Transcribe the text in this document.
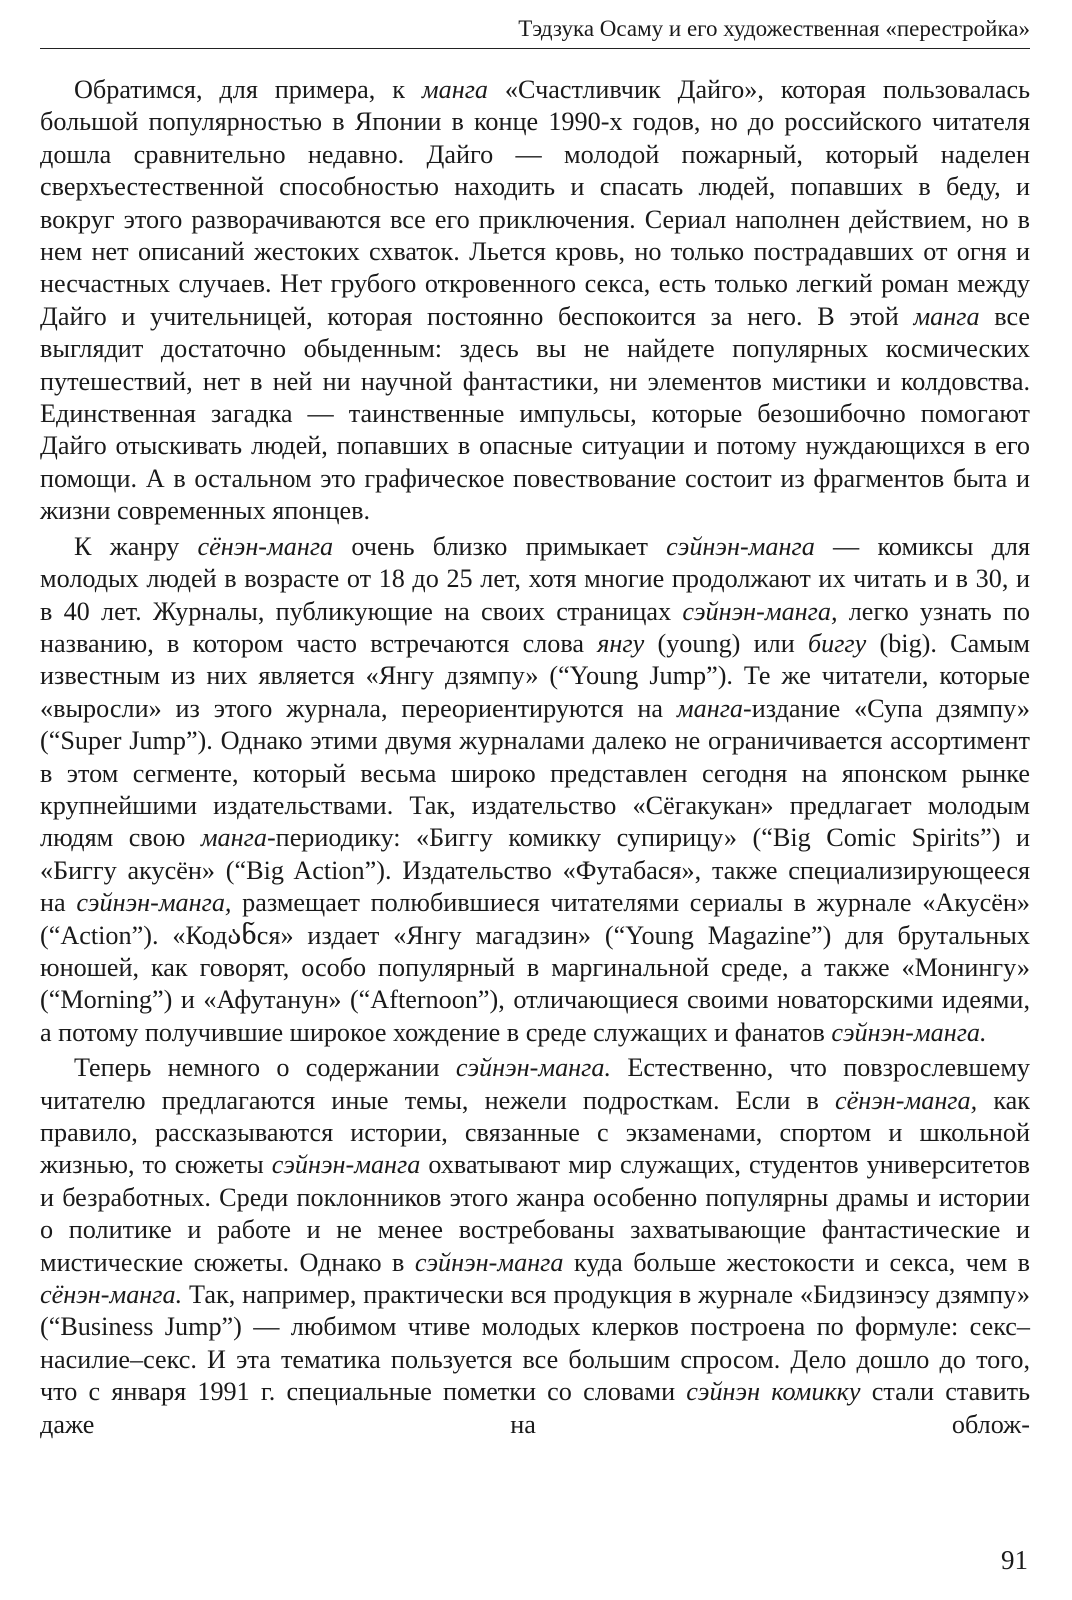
Тэдзука Осаму и его художественная «перестройка»

Обратимся, для примера, к манга «Счастливчик Дайго», которая пользовалась большой популярностью в Японии в конце 1990-х годов, но до российского читателя дошла сравнительно недавно. Дайго — молодой пожарный, который наделен сверхъестественной способностью находить и спасать людей, попавших в беду, и вокруг этого разворачиваются все его приключения. Сериал наполнен действием, но в нем нет описаний жестоких схваток. Льется кровь, но только пострадавших от огня и несчастных случаев. Нет грубого откровенного секса, есть только легкий роман между Дайго и учительницей, которая постоянно беспокоится за него. В этой манга все выглядит достаточно обыденным: здесь вы не найдете популярных космических путешествий, нет в ней ни научной фантастики, ни элементов мистики и колдовства. Единственная загадка — таинственные импульсы, которые безошибочно помогают Дайго отыскивать людей, попавших в опасные ситуации и потому нуждающихся в его помощи. А в остальном это графическое повествование состоит из фрагментов быта и жизни современных японцев.

К жанру сёнэн-манга очень близко примыкает сэйнэн-манга — комиксы для молодых людей в возрасте от 18 до 25 лет, хотя многие продолжают их читать и в 30, и в 40 лет. Журналы, публикующие на своих страницах сэйнэн-манга, легко узнать по названию, в котором часто встречаются слова янгу (young) или биггу (big). Самым известным из них является «Янгу дзямпу» (“Young Jump”). Те же читатели, которые «выросли» из этого журнала, переориентируются на манга-издание «Супа дзямпу» (“Super Jump”). Однако этими двумя журналами далеко не ограничивается ассортимент в этом сегменте, который весьма широко представлен сегодня на японском рынке крупнейшими издательствами. Так, издательство «Сёгакукан» предлагает молодым людям свою манга-периодику: «Биггу комикку супирицу» (“Big Comic Spirits”) и «Биггу акусён» (“Big Action”). Издательство «Футабася», также специализирующееся на сэйнэн-манга, размещает полюбившиеся читателями сериалы в журнале «Акусён» (“Action”). «Кодანся» издает «Янгу магадзин» (“Young Magazine”) для брутальных юношей, как говорят, особо популярный в маргинальной среде, а также «Монингу» (“Morning”) и «Афутанун» (“Afternoon”), отличающиеся своими новаторскими идеями, а потому получившие широкое хождение в среде служащих и фанатов сэйнэн-манга.

Теперь немного о содержании сэйнэн-манга. Естественно, что повзрослевшему читателю предлагаются иные темы, нежели подросткам. Если в сёнэн-манга, как правило, рассказываются истории, связанные с экзаменами, спортом и школьной жизнью, то сюжеты сэйнэн-манга охватывают мир служащих, студентов университетов и безработных. Среди поклонников этого жанра особенно популярны драмы и истории о политике и работе и не менее востребованы захватывающие фантастические и мистические сюжеты. Однако в сэйнэн-манга куда больше жестокости и секса, чем в сёнэн-манга. Так, например, практически вся продукция в журнале «Бидзинэсу дзямпу» (“Business Jump”) — любимом чтиве молодых клерков построена по формуле: секс–насилие–секс. И эта тематика пользуется все большим спросом. Дело дошло до того, что с января 1991 г. специальные пометки со словами сэйнэн комикку стали ставить даже на облож-

91
